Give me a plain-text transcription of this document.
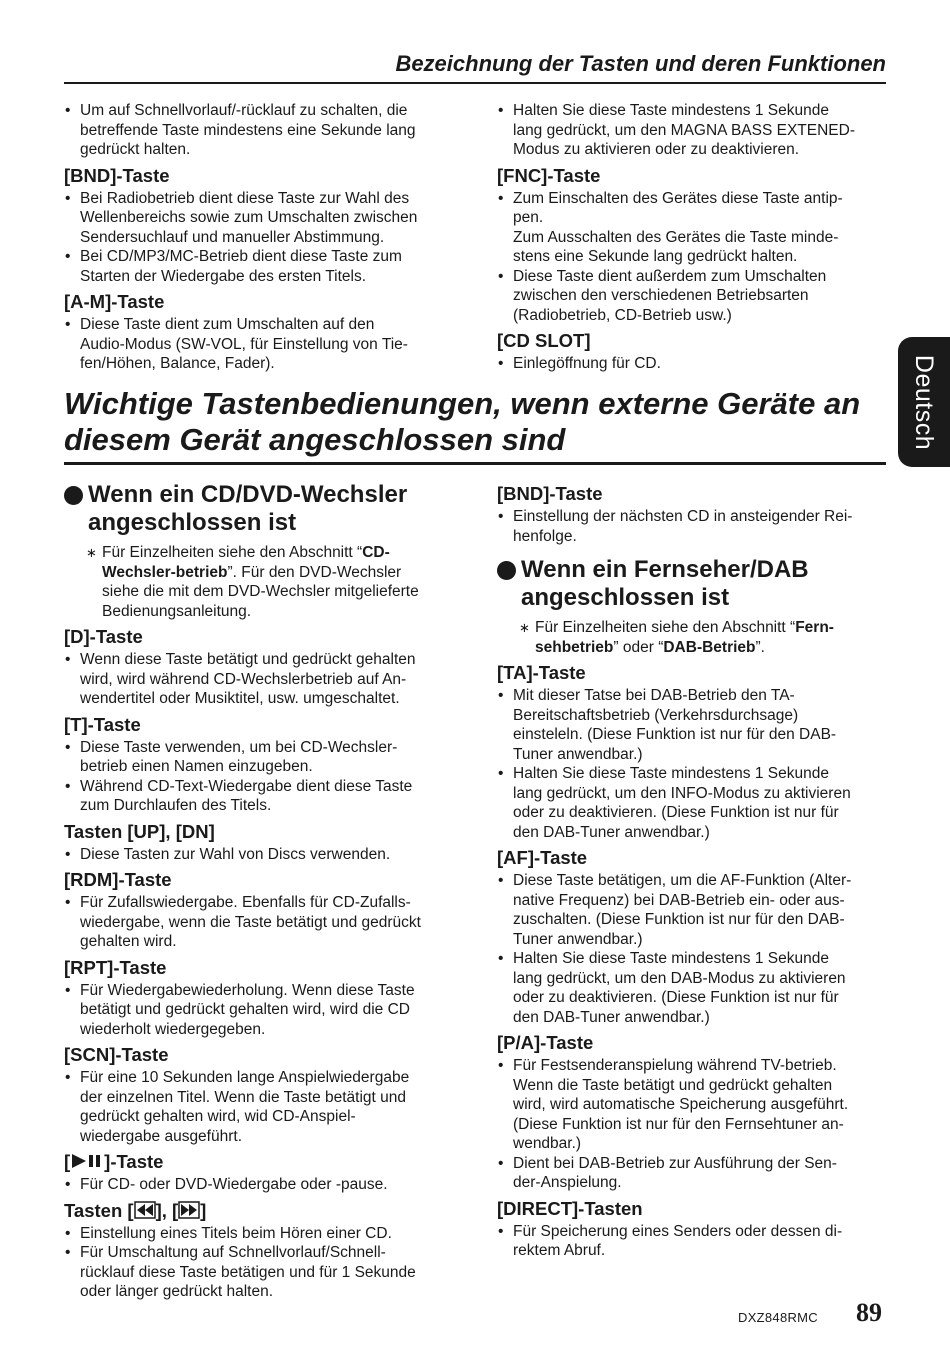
Bezeichnung der Tasten und deren Funktionen
• Um auf Schnellvorlauf/-rücklauf zu schalten, die
betreffende Taste mindestens eine Sekunde lang
gedrückt halten.
[BND]-Taste
• Bei Radiobetrieb dient diese Taste zur Wahl des
Wellenbereichs sowie zum Umschalten zwischen
Sendersuchlauf und manueller Abstimmung.
• Bei CD/MP3/MC-Betrieb dient diese Taste zum
Starten der Wiedergabe des ersten Titels.
[A-M]-Taste
• Diese Taste dient zum Umschalten auf den
Audio-Modus (SW-VOL, für Einstellung von Tie-
fen/Höhen, Balance, Fader).
• Halten Sie diese Taste mindestens 1 Sekunde
lang gedrückt, um den MAGNA BASS EXTENED-
Modus zu aktivieren oder zu deaktivieren.
[FNC]-Taste
• Zum Einschalten des Gerätes diese Taste antip-
pen.
Zum Ausschalten des Gerätes die Taste minde-
stens eine Sekunde lang gedrückt halten.
• Diese Taste dient außerdem zum Umschalten
zwischen den verschiedenen Betriebsarten
(Radiobetrieb, CD-Betrieb usw.)
[CD SLOT]
• Einlegöffnung für CD.	Deutsch
Wichtige Tastenbedienungen, wenn externe Geräte an
diesem Gerät angeschlossen sind
Wenn ein CD/DVD-Wechsler
angeschlossen ist
∗ Für Einzelheiten siehe den Abschnitt “CD-
Wechsler-betrieb”. Für den DVD-Wechsler
siehe die mit dem DVD-Wechsler mitgelieferte
Bedienungsanleitung.
[D]-Taste
• Wenn diese Taste betätigt und gedrückt gehalten
wird, wird während CD-Wechslerbetrieb auf An-
wendertitel oder Musiktitel, usw. umgeschaltet.
[T]-Taste
• Diese Taste verwenden, um bei CD-Wechsler-
betrieb einen Namen einzugeben.
• Während CD-Text-Wiedergabe dient diese Taste
zum Durchlaufen des Titels.
Tasten [UP], [DN]
• Diese Tasten zur Wahl von Discs verwenden.
[RDM]-Taste
• Für Zufallswiedergabe. Ebenfalls für CD-Zufalls-
wiedergabe, wenn die Taste betätigt und gedrückt
gehalten wird.
[RPT]-Taste
• Für Wiedergabewiederholung. Wenn diese Taste
betätigt und gedrückt gehalten wird, wird die CD
wiederholt wiedergegeben.
[SCN]-Taste
• Für eine 10 Sekunden lange Anspielwiedergabe
der einzelnen Titel. Wenn die Taste betätigt und
gedrückt gehalten wird, wid CD-Anspiel-
wiedergabe ausgeführt.
[ ]-Taste
• Für CD- oder DVD-Wiedergabe oder -pause.
Tasten [ ], [ ]
• Einstellung eines Titels beim Hören einer CD.
• Für Umschaltung auf Schnellvorlauf/Schnell-
rücklauf diese Taste betätigen und für 1 Sekunde
oder länger gedrückt halten.
[BND]-Taste
• Einstellung der nächsten CD in ansteigender Rei-
henfolge.
Wenn ein Fernseher/DAB
angeschlossen ist
∗ Für Einzelheiten siehe den Abschnitt “Fern-
sehbetrieb” oder “DAB-Betrieb”.
[TA]-Taste
• Mit dieser Tatse bei DAB-Betrieb den TA-
Bereitschaftsbetrieb (Verkehrsdurchsage)
einsteleln. (Diese Funktion ist nur für den DAB-
Tuner anwendbar.)
• Halten Sie diese Taste mindestens 1 Sekunde
lang gedrückt, um den INFO-Modus zu aktivieren
oder zu deaktivieren. (Diese Funktion ist nur für
den DAB-Tuner anwendbar.)
[AF]-Taste
• Diese Taste betätigen, um die AF-Funktion (Alter-
native Frequenz) bei DAB-Betrieb ein- oder aus-
zuschalten. (Diese Funktion ist nur für den DAB-
Tuner anwendbar.)
• Halten Sie diese Taste mindestens 1 Sekunde
lang gedrückt, um den DAB-Modus zu aktivieren
oder zu deaktivieren. (Diese Funktion ist nur für
den DAB-Tuner anwendbar.)
[P/A]-Taste
• Für Festsenderanspielung während TV-betrieb.
Wenn die Taste betätigt und gedrückt gehalten
wird, wird automatische Speicherung ausgeführt.
(Diese Funktion ist nur für den Fernsehtuner an-
wendbar.)
• Dient bei DAB-Betrieb zur Ausführung der Sen-
der-Anspielung.
[DIRECT]-Tasten
• Für Speicherung eines Senders oder dessen di-
rektem Abruf.
DXZ848RMC 89
